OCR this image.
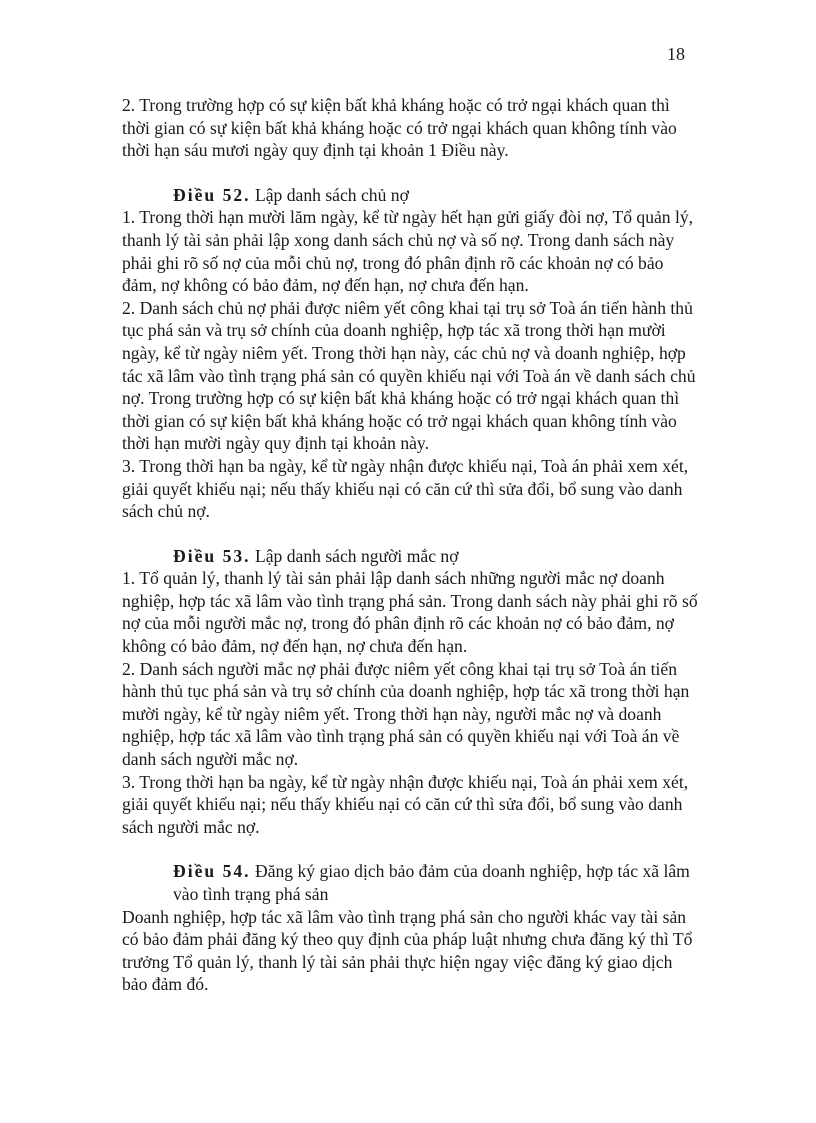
18

2. Trong trường hợp có sự kiện bất khả kháng hoặc có trở ngại khách quan thì thời gian có sự kiện bất khả kháng hoặc có trở ngại khách quan không tính vào thời hạn sáu mươi ngày quy định tại khoản 1 Điều này.

Điều 52. Lập danh sách chủ nợ

1. Trong thời hạn mười lăm ngày, kể từ ngày hết hạn gửi giấy đòi nợ, Tổ quản lý, thanh lý tài sản phải lập xong danh sách chủ nợ và số nợ. Trong danh sách này phải ghi rõ số nợ của mỗi chủ nợ, trong đó phân định rõ các khoản nợ có bảo đảm, nợ không có bảo đảm, nợ đến hạn, nợ chưa đến hạn.

2. Danh sách chủ nợ phải được niêm yết công khai tại trụ sở Toà án tiến hành thủ tục phá sản và trụ sở chính của doanh nghiệp, hợp tác xã trong thời hạn mười ngày, kể từ ngày niêm yết. Trong thời hạn này, các chủ nợ và doanh nghiệp, hợp tác xã lâm vào tình trạng phá sản có quyền khiếu nại với Toà án về danh sách chủ nợ. Trong trường hợp có sự kiện bất khả kháng hoặc có trở ngại khách quan thì thời gian có sự kiện bất khả kháng hoặc có trở ngại khách quan không tính vào thời hạn mười ngày quy định tại khoản này.

3. Trong thời hạn ba ngày, kể từ ngày nhận được khiếu nại, Toà án phải xem xét, giải quyết khiếu nại; nếu thấy khiếu nại có căn cứ thì sửa đổi, bổ sung vào danh sách chủ nợ.

Điều 53. Lập danh sách người mắc nợ

1. Tổ quản lý, thanh lý tài sản phải lập danh sách những người mắc nợ doanh nghiệp, hợp tác xã lâm vào tình trạng phá sản. Trong danh sách này phải ghi rõ số nợ của mỗi người mắc nợ, trong đó phân định rõ các khoản nợ có bảo đảm, nợ không có bảo đảm, nợ đến hạn, nợ chưa đến hạn.

2. Danh sách người mắc nợ phải được niêm yết công khai tại trụ sở Toà án tiến hành thủ tục phá sản và trụ sở chính của doanh nghiệp, hợp tác xã trong thời hạn mười ngày, kể từ ngày niêm yết. Trong thời hạn này, người mắc nợ và doanh nghiệp, hợp tác xã lâm vào tình trạng phá sản có quyền khiếu nại với Toà án về danh sách người mắc nợ.

3. Trong thời hạn ba ngày, kể từ ngày nhận được khiếu nại, Toà án phải xem xét, giải quyết khiếu nại; nếu thấy khiếu nại có căn cứ thì sửa đổi, bổ sung vào danh sách người mắc nợ.

Điều 54. Đăng ký giao dịch bảo đảm của doanh nghiệp, hợp tác xã lâm vào tình trạng phá sản

Doanh nghiệp, hợp tác xã lâm vào tình trạng phá sản cho người khác vay tài sản có bảo đảm phải đăng ký theo quy định của pháp luật nhưng chưa đăng ký thì Tổ trưởng Tổ quản lý, thanh lý tài sản phải thực hiện ngay việc đăng ký giao dịch bảo đảm đó.
